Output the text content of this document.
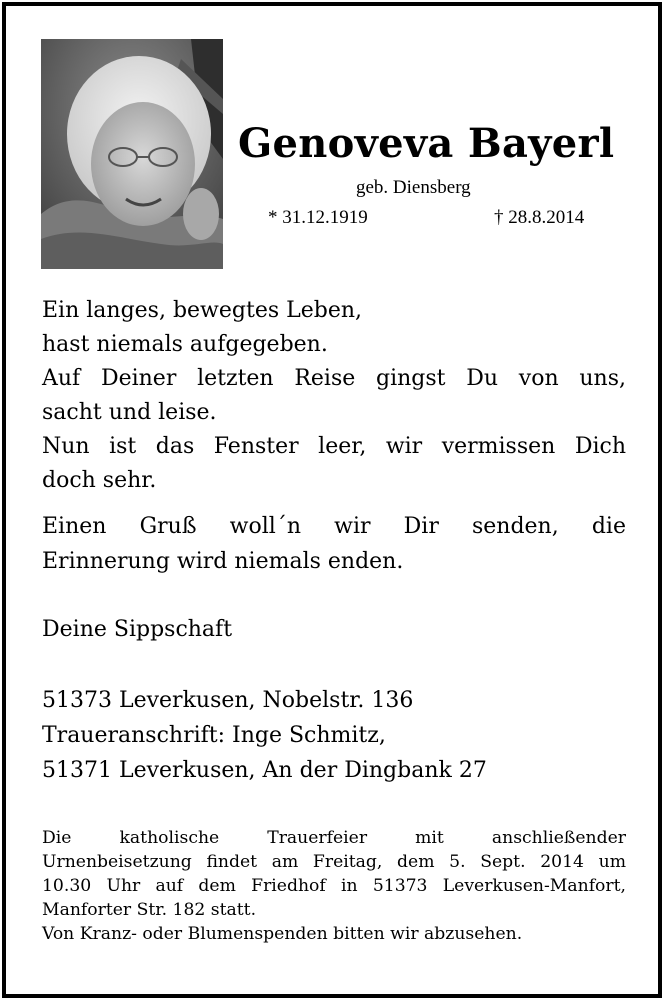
Genoveva Bayerl
geb. Diensberg
* 31.12.1919	† 28.8.2014
Ein langes, bewegtes Leben,
hast niemals aufgegeben.
Auf Deiner letzten Reise gingst Du von uns,
sacht und leise.
Nun ist das Fenster leer, wir vermissen Dich
doch sehr.
Einen Gruß woll´n wir Dir senden, die
Erinnerung wird niemals enden.
Deine Sippschaft
51373 Leverkusen, Nobelstr. 136
Traueranschrift: Inge Schmitz,
51371 Leverkusen, An der Dingbank 27
Die katholische Trauerfeier mit anschließender
Urnenbeisetzung findet am Freitag, dem 5. Sept. 2014 um
10.30 Uhr auf dem Friedhof in 51373 Leverkusen-Manfort,
Manforter Str. 182 statt.
Von Kranz- oder Blumenspenden bitten wir abzusehen.
